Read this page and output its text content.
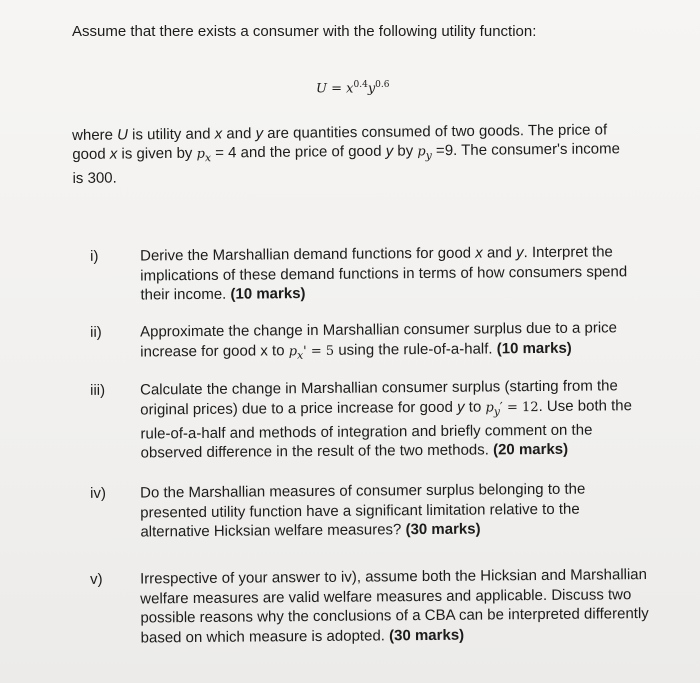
Assume that there exists a consumer with the following utility function:
$U = x^{0.4}y^{0.6}$
where U is utility and x and y are quantities consumed of two goods. The price of good x is given by $p_x = 4$ and the price of good y by $p_y =9$. The consumer's income is 300.
i)	Derive the Marshallian demand functions for good x and y. Interpret the implications of these demand functions in terms of how consumers spend their income. (10 marks)
ii)	Approximate the change in Marshallian consumer surplus due to a price increase for good x to $p_x' = 5$ using the rule-of-a-half. (10 marks)
iii)	Calculate the change in Marshallian consumer surplus (starting from the original prices) due to a price increase for good y to $p_y' = 12$. Use both the rule-of-a-half and methods of integration and briefly comment on the observed difference in the result of the two methods. (20 marks)
iv)	Do the Marshallian measures of consumer surplus belonging to the presented utility function have a significant limitation relative to the alternative Hicksian welfare measures? (30 marks)
v)	Irrespective of your answer to iv), assume both the Hicksian and Marshallian welfare measures are valid welfare measures and applicable. Discuss two possible reasons why the conclusions of a CBA can be interpreted differently based on which measure is adopted. (30 marks)
